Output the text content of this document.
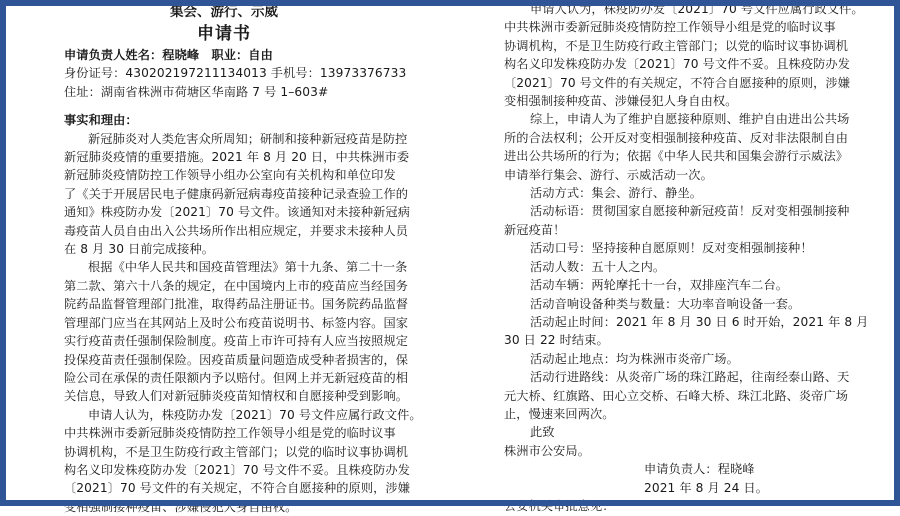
集会、游行、示威
申请书
申请负责人姓名：程晓峰　职业：自由
身份证号：430202197211134013 手机号：13973376733
住址：湖南省株洲市荷塘区华南路 7 号 1–603#
事实和理由：
新冠肺炎对人类危害众所周知；研制和接种新冠疫苗是防控
新冠肺炎疫情的重要措施。2021 年 8 月 20 日，中共株洲市委
新冠肺炎疫情防控工作领导小组办公室向有关机构和单位印发
了《关于开展居民电子健康码新冠病毒疫苗接种记录查验工作的
通知》株疫防办发〔2021〕70 号文件。该通知对未接种新冠病
毒疫苗人员自由出入公共场所作出相应规定，并要求未接种人员
在 8 月 30 日前完成接种。
根据《中华人民共和国疫苗管理法》第十九条、第二十一条
第二款、第六十八条的规定，在中国境内上市的疫苗应当经国务
院药品监督管理部门批准，取得药品注册证书。国务院药品监督
管理部门应当在其网站上及时公布疫苗说明书、标签内容。国家
实行疫苗责任强制保险制度。疫苗上市许可持有人应当按照规定
投保疫苗责任强制保险。因疫苗质量问题造成受种者损害的，保
险公司在承保的责任限额内予以赔付。但网上并无新冠疫苗的相
关信息，导致人们对新冠肺炎疫苗知情权和自愿接种受到影响。
申请人认为，株疫防办发〔2021〕70 号文件应属行政文件。
中共株洲市委新冠肺炎疫情防控工作领导小组是党的临时议事
协调机构，不是卫生防疫行政主管部门；以党的临时议事协调机
构名义印发株疫防办发〔2021〕70 号文件不妥。且株疫防办发
〔2021〕70 号文件的有关规定，不符合自愿接种的原则，涉嫌
变相强制接种疫苗、涉嫌侵犯人身自由权。
申请人认为，株疫防办发〔2021〕70 号文件应属行政文件。
中共株洲市委新冠肺炎疫情防控工作领导小组是党的临时议事
协调机构，不是卫生防疫行政主管部门；以党的临时议事协调机
构名义印发株疫防办发〔2021〕70 号文件不妥。且株疫防办发
〔2021〕70 号文件的有关规定，不符合自愿接种的原则，涉嫌
变相强制接种疫苗、涉嫌侵犯人身自由权。
综上，申请人为了维护自愿接种原则、维护自由进出公共场
所的合法权利；公开反对变相强制接种疫苗、反对非法限制自由
进出公共场所的行为；依据《中华人民共和国集会游行示威法》
申请举行集会、游行、示威活动一次。
活动方式：集会、游行、静坐。
活动标语：贯彻国家自愿接种新冠疫苗！反对变相强制接种
新冠疫苗！
活动口号：坚持接种自愿原则！反对变相强制接种！
活动人数：五十人之内。
活动车辆：两轮摩托十一台，双排座汽车二台。
活动音响设备种类与数量：大功率音响设备一套。
活动起止时间：2021 年 8 月 30 日 6 时开始，2021 年 8 月
30 日 22 时结束。
活动起止地点：均为株洲市炎帝广场。
活动行进路线：从炎帝广场的珠江路起，往南经泰山路、天
元大桥、红旗路、田心立交桥、石峰大桥、珠江北路、炎帝广场
止，慢速来回两次。
此致
株洲市公安局。
申请负责人：程晓峰
2021 年 8 月 24 日。
公安机关审批意见：
